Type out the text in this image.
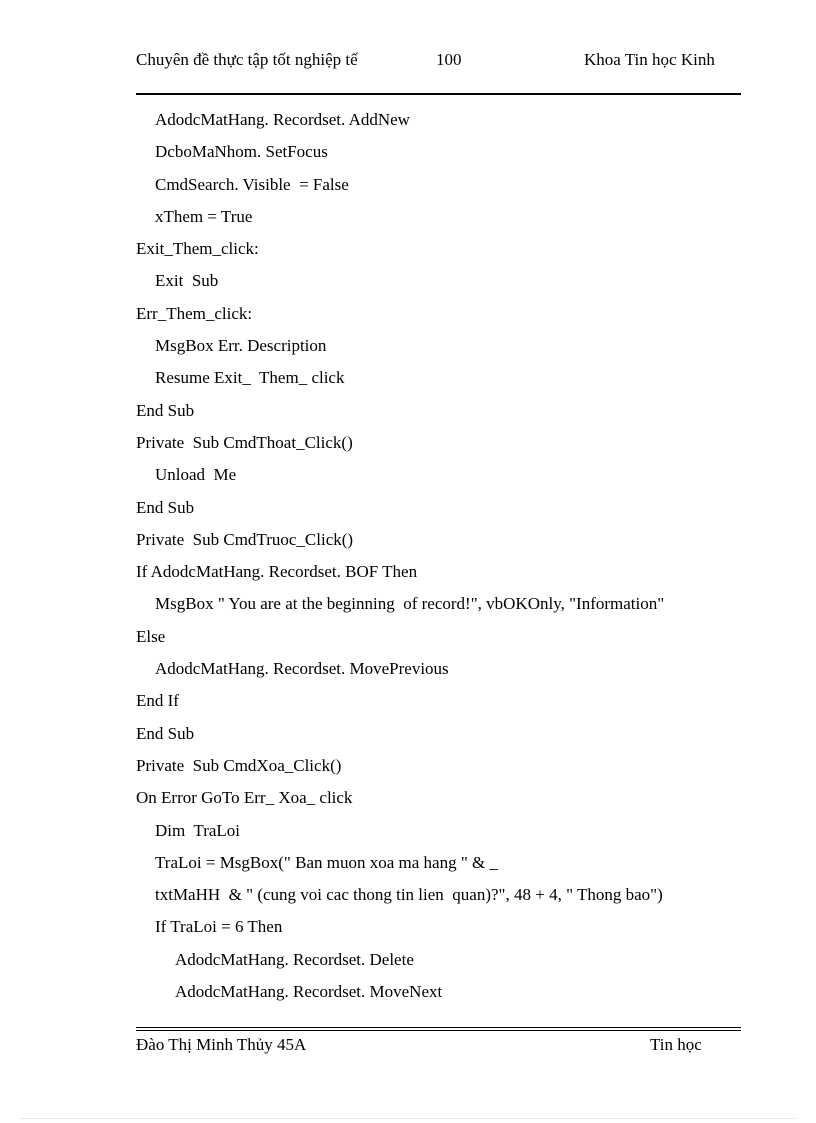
Chuyên đề thực tập tốt nghiệp tế	100	Khoa Tin học Kinh
AdodcMatHang. Recordset. AddNew
DcboMaNhom. SetFocus
CmdSearch. Visible  = False
xThem = True
Exit_Them_click:
Exit  Sub
Err_Them_click:
MsgBox Err. Description
Resume Exit_  Them_ click
End Sub
Private  Sub CmdThoat_Click()
Unload  Me
End Sub
Private  Sub CmdTruoc_Click()
If AdodcMatHang. Recordset. BOF Then
MsgBox " You are at the beginning  of record!", vbOKOnly, "Information"
Else
AdodcMatHang. Recordset. MovePrevious
End If
End Sub
Private  Sub CmdXoa_Click()
On Error GoTo Err_ Xoa_ click
Dim  TraLoi
TraLoi = MsgBox(" Ban muon xoa ma hang " & _
txtMaHH  & " (cung voi cac thong tin lien  quan)?", 48 + 4, " Thong bao")
If TraLoi = 6 Then
AdodcMatHang. Recordset. Delete
AdodcMatHang. Recordset. MoveNext
Đào Thị Minh Thủy 45A	Tin học
